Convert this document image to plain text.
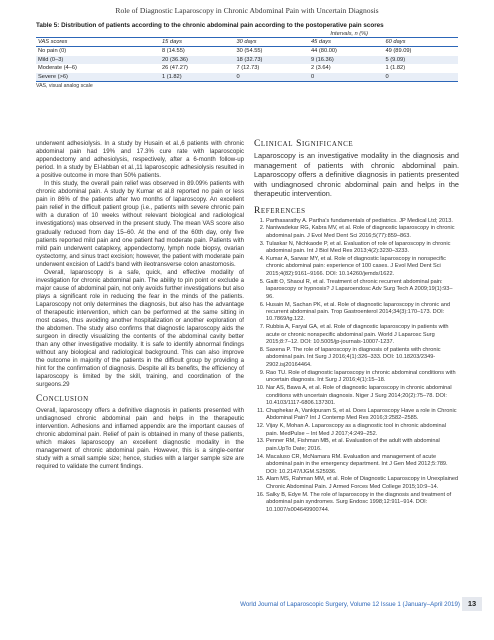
Role of Diagnostic Laparoscopy in Chronic Abdominal Pain with Uncertain Diagnosis
Table 5: Distribution of patients according to the chronic abdominal pain according to the postoperative pain scores
Intervals, n (%)
VAS scores	15 days	30 days	45 days	60 days
No pain (0)	8 (14.55)	30 (54.55)	44 (80.00)	49 (89.09)
Mild (0–3)	20 (36.36)	18 (32.73)	9 (16.36)	5 (9.09)
Moderate (4–6)	26 (47.27)	7 (12.73)	2 (3.64)	1 (1.82)
Severe (>6)	1 (1.82)	0	0	0
VAS, visual analog scale

underwent adhesiolysis. In a study by Husain et al.,6 patients with chronic abdominal pain had 19% and 17.3% cure rate with laparoscopic appendectomy and adhesiolysis, respectively, after a 6-month follow-up period. In a study by El-labban et al.,11 laparoscopic adhesiolysis resulted in a positive outcome in more than 50% patients.

In this study, the overall pain relief was observed in 89.09% patients with chronic abdominal pain. A study by Kumar et al.8 reported no pain or less pain in 86% of the patients after two months of laparoscopy. An excellent pain relief in the difficult patient group (i.e., patients with severe chronic pain with a duration of 10 weeks without relevant biological and radiological investigations) was observed in the present study. The mean VAS score also gradually reduced from day 15–60. At the end of the 60th day, only five patients reported mild pain and one patient had moderate pain. Patients with mild pain underwent cataplexy, appendectomy, lymph node biopsy, ovarian cystectomy, and sinus tract excision; however, the patient with moderate pain underwent excision of Ladd's band with ileotransverse colon anastomosis.

Overall, laparoscopy is a safe, quick, and effective modality of investigation for chronic abdominal pain. The ability to pin point or exclude a major cause of abdominal pain, not only avoids further investigations but also plays a significant role in reducing the fear in the minds of the patients. Laparoscopy not only determines the diagnosis, but also has the advantage of therapeutic intervention, which can be performed at the same sitting in most cases, thus avoiding another hospitalization or another exploration of the abdomen. The study also confirms that diagnostic laparoscopy aids the surgeon in directly visualizing the contents of the abdominal cavity better than any other investigative modality. It is safe to identify abnormal findings without any biological and radiological background. This can also improve the outcome in majority of the patients in the difficult group by providing a hint for the confirmation of diagnosis. Despite all its benefits, the efficiency of laparoscopy is limited by the skill, training, and coordination of the surgeons.29

Conclusion

Overall, laparoscopy offers a definitive diagnosis in patients presented with undiagnosed chronic abdominal pain and helps in the therapeutic intervention. Adhesions and inflamed appendix are the important causes of chronic abdominal pain. Relief of pain is obtained in many of these patients, which makes laparoscopy an excellent diagnostic modality in the management of chronic abdominal pain. However, this is a single-center study with a small sample size; hence, studies with a larger sample size are required to validate the current findings.

Clinical Significance

Laparoscopy is an investigative modality in the diagnosis and management of patients with chronic abdominal pain. Laparoscopy offers a definitive diagnosis in patients presented with undiagnosed chronic abdominal pain and helps in the therapeutic intervention.

References
1. Parthasarathy A. Partha's fundamentals of pediatrics. JP Medical Ltd; 2013.
2. Naniwadekar RG, Kabra MV, et al. Role of diagnostic laparoscopy in chronic abdominal pain. J Evol Med Dent Sci 2016;5(77):859–863.
3. Tulaskar N, Nichkaode P, et al. Evaluation of role of laparoscopy in chronic abdominal pain. Int J Biol Med Res 2013;4(2):3230–3233.
4. Kumar A, Sarwar MY, et al. Role of diagnostic laparoscopy in nonspecific chronic abdominal pain: experience of 100 cases. J Evol Med Dent Sci 2015;4(82):9161–9166. DOI: 10.14260/jemds/1622.
5. Gaitt O, Shaoul R, et al. Treatment of chronic recurrent abdominal pain: laparoscopy or hypnosis? J Laparoendosc Adv Surg Tech A 2009;19(1):93–96.
6. Husain M, Sachan PK, et al. Role of diagnostic laparoscopy in chronic and recurrent abdominal pain. Trop Gastroenterol 2014;34(3):170–173. DOI: 10.7869/tg.122.
7. Rubbia A, Faryal GA, et al. Role of diagnostic laparoscopy in patients with acute or chronic nonspecific abdominal pain. World J Laparosc Surg 2015;8:7–12. DOI: 10.5005/jp-journals-10007-1237.
8. Saxena P. The role of laparoscopy in diagnosis of patients with chronic abdominal pain. Int Surg J 2016;4(1):326–333. DOI: 10.18203/2349-2902.isj20164464.
9. Rao TU. Role of diagnostic laparoscopy in chronic abdominal conditions with uncertain diagnosis. Int Surg J 2016;4(1):15–18.
10. Nar AS, Bawa A, et al. Role of diagnostic laparoscopy in chronic abdominal conditions with uncertain diagnosis. Niger J Surg 2014;20(2):75–78. DOI: 10.4103/1117-6806.137301.
11. Chaphekar A, Vankipuram S, et al. Does Laparoscopy Have a role in Chronic Abdominal Pain? Int J Contemp Med Res 2016;3:2582–2585.
12. Vijay K, Mohan A. Laparoscopy as a diagnostic tool in chronic abdominal pain. MedPulse – Int Med J 2017;4:249–252.
13. Penner RM, Fishman MB, et al. Evaluation of the adult with abdominal pain.UpTo Date; 2016.
14. Macaluso CR, McNamara RM. Evaluation and management of acute abdominal pain in the emergency department. Int J Gen Med 2012;5:789. DOI: 10.2147/IJGM.S25936.
15. Alam MS, Rahman MM, et al. Role of Diagnostic Laparoscopy in Unexplained Chronic Abdominal Pain. J Armed Forces Med College 2015;10:9–14.
16. Salky B, Edye M. The role of laparoscopy in the diagnosis and treatment of abdominal pain syndromes. Surg Endosc 1998;12:911–914. DOI: 10.1007/s004649900744.
World Journal of Laparoscopic Surgery, Volume 12 Issue 1 (January–April 2019)	13
